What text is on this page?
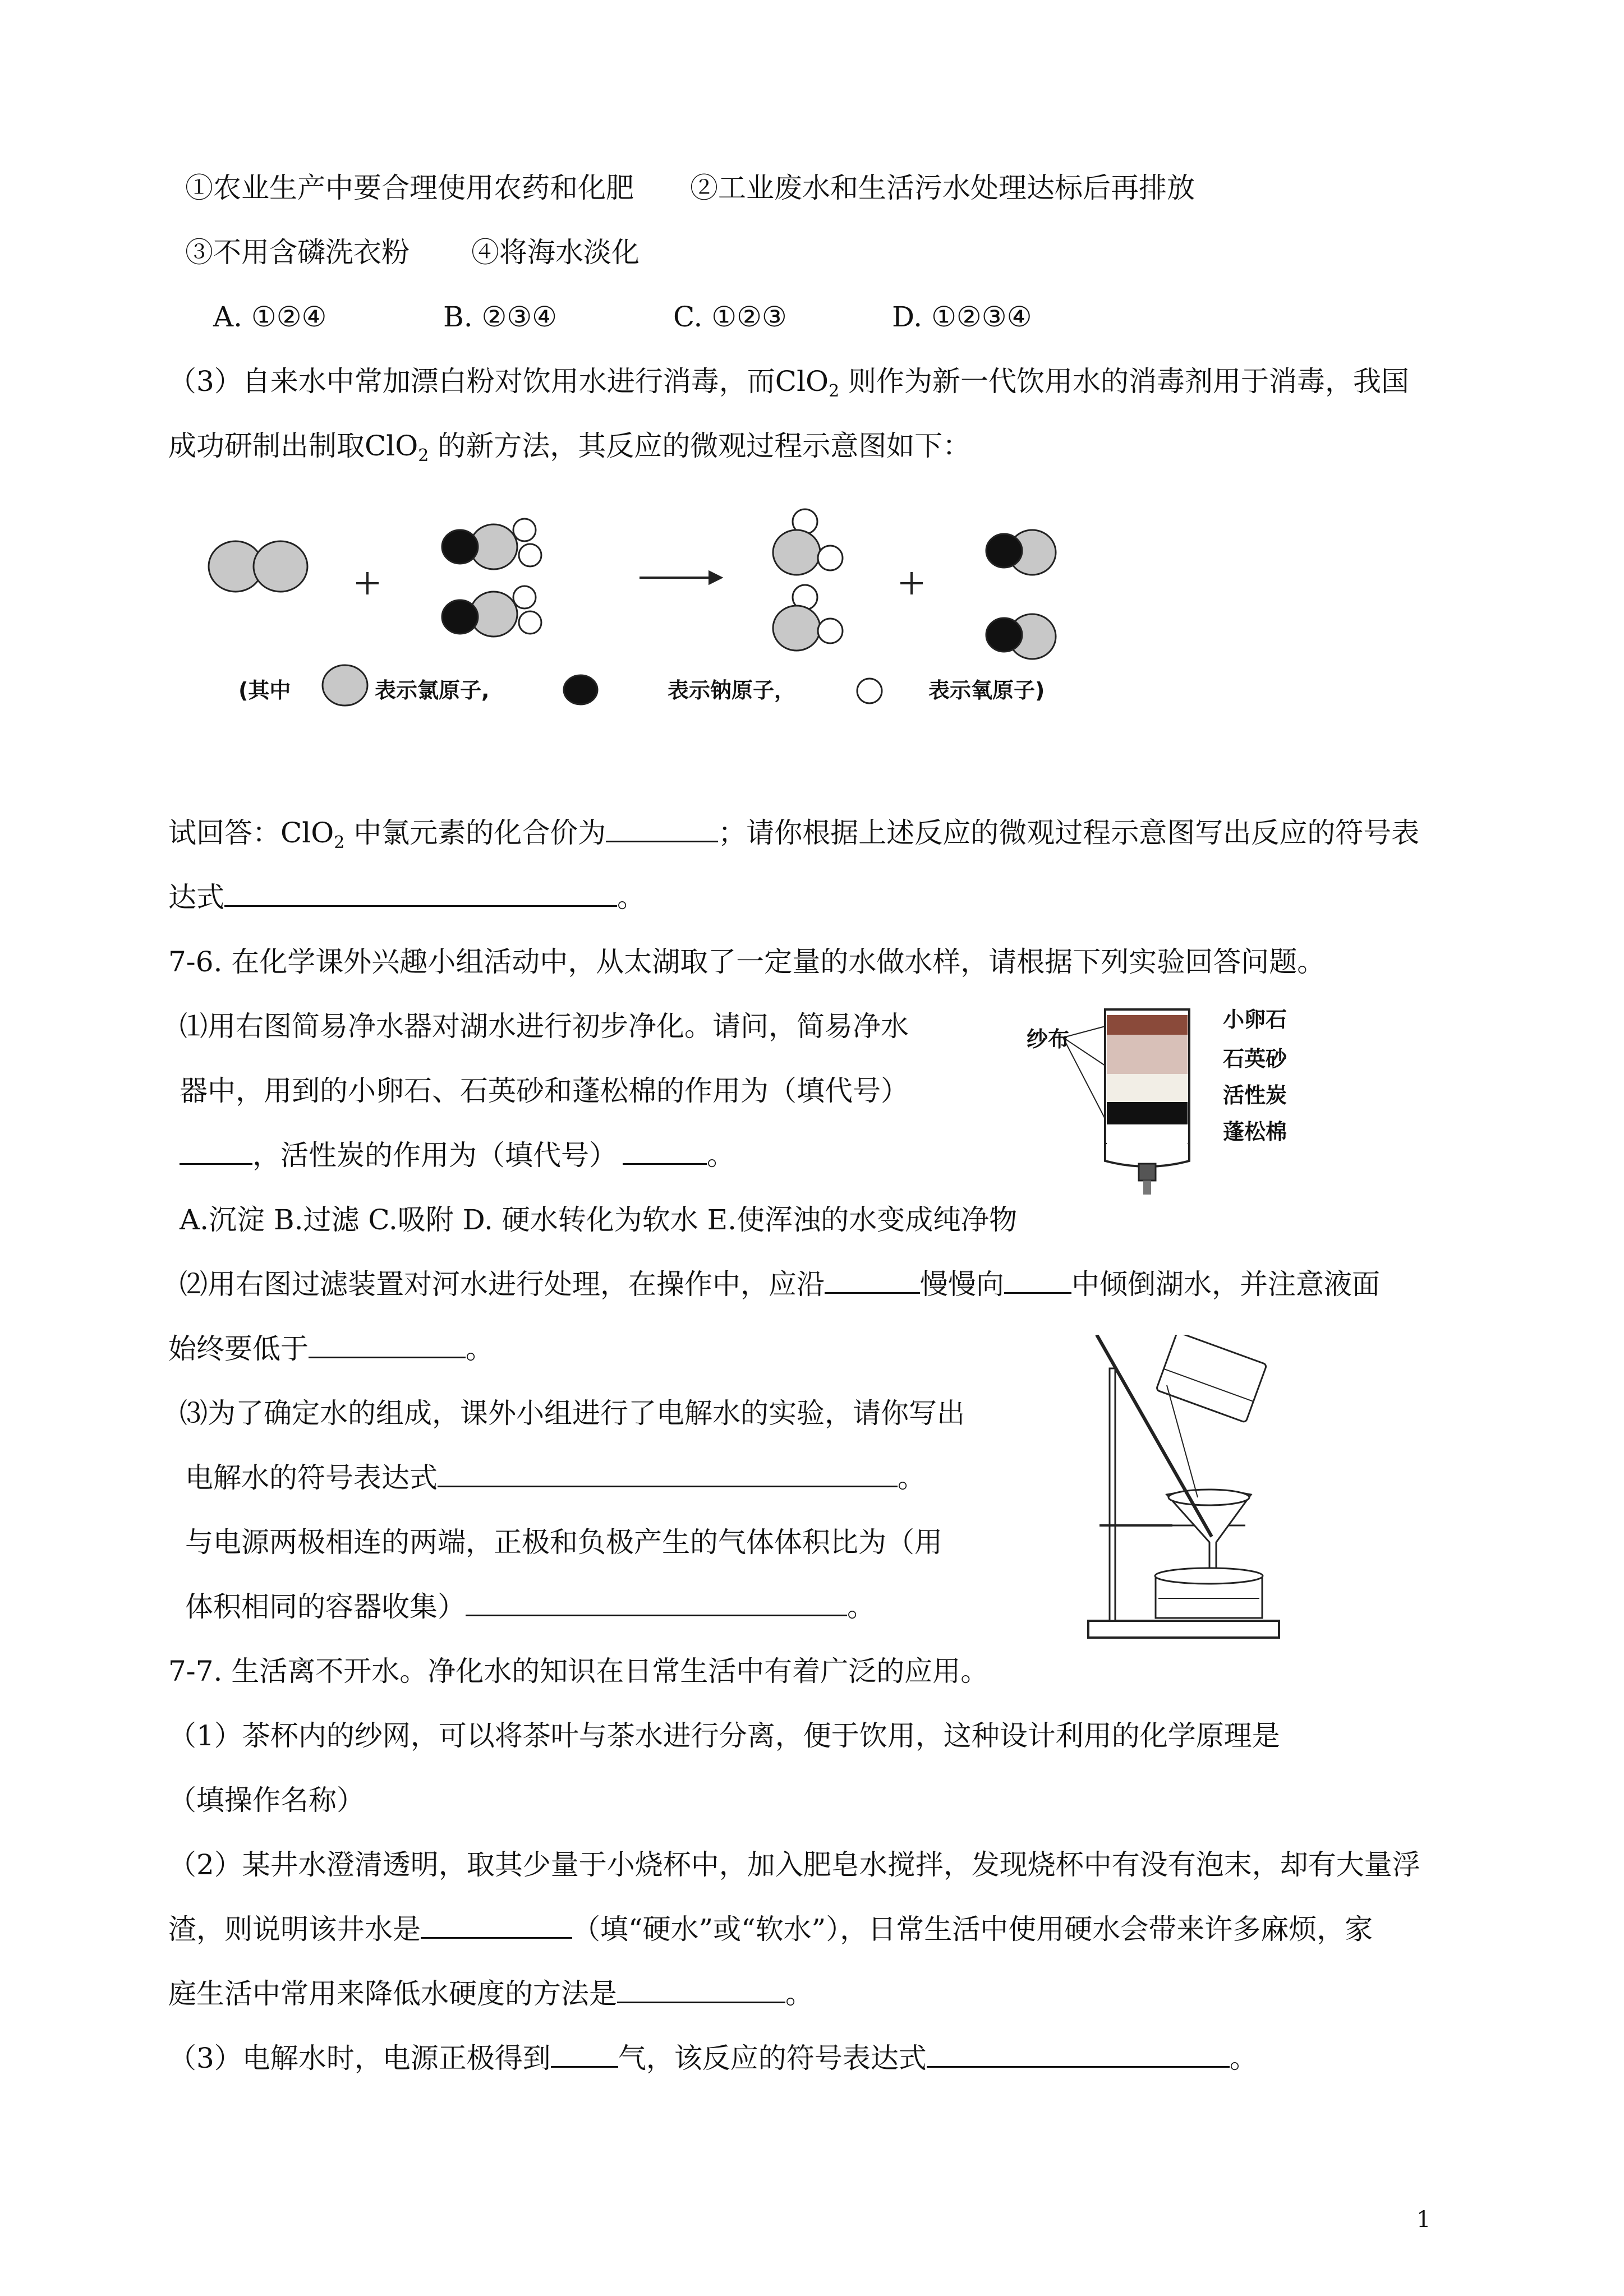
①农业生产中要合理使用农药和化肥 ②工业废水和生活污水处理达标后再排放
③不用含磷洗衣粉 ④将海水淡化
A. ①②④	B. ②③④	C. ①②③	D. ①②③④
（3）自来水中常加漂白粉对饮用水进行消毒，而ClO$_2$ 则作为新一代饮用水的消毒剂用于消毒，我国
成功研制出制取ClO$_2$ 的新方法，其反应的微观过程示意图如下：
(其中	表示氯原子,	表示钠原子，	表示氧原子)
试回答：ClO$_2$ 中氯元素的化合价为	；请你根据上述反应的微观过程示意图写出反应的符号表
达式	。
7-6. 在化学课外兴趣小组活动中，从太湖取了一定量的水做水样，请根据下列实验回答问题。
⑴用右图简易净水器对湖水进行初步净化。请问，简易净水
器中，用到的小卵石、石英砂和蓬松棉的作用为（填代号）
，活性炭的作用为（填代号）	。
A.沉淀 B.过滤 C.吸附 D. 硬水转化为软水 E.使浑浊的水变成纯净物
纱布
小卵石
石英砂
活性炭
蓬松棉
⑵用右图过滤装置对河水进行处理，在操作中，应沿	慢慢向 中倾倒湖水，并注意液面
始终要低于	。
⑶为了确定水的组成，课外小组进行了电解水的实验，请你写出
电解水的符号表达式	。
与电源两极相连的两端，正极和负极产生的气体体积比为（用
体积相同的容器收集）	。
7-7. 生活离不开水。净化水的知识在日常生活中有着广泛的应用。
（1）茶杯内的纱网，可以将茶叶与茶水进行分离，便于饮用，这种设计利用的化学原理是
（填操作名称）
（2）某井水澄清透明，取其少量于小烧杯中，加入肥皂水搅拌，发现烧杯中有没有泡末，却有大量浮
渣，则说明该井水是	（填“硬水”或“软水”），日常生活中使用硬水会带来许多麻烦，家
庭生活中常用来降低水硬度的方法是	。
（3）电解水时，电源正极得到 气，该反应的符号表达式	。
1
